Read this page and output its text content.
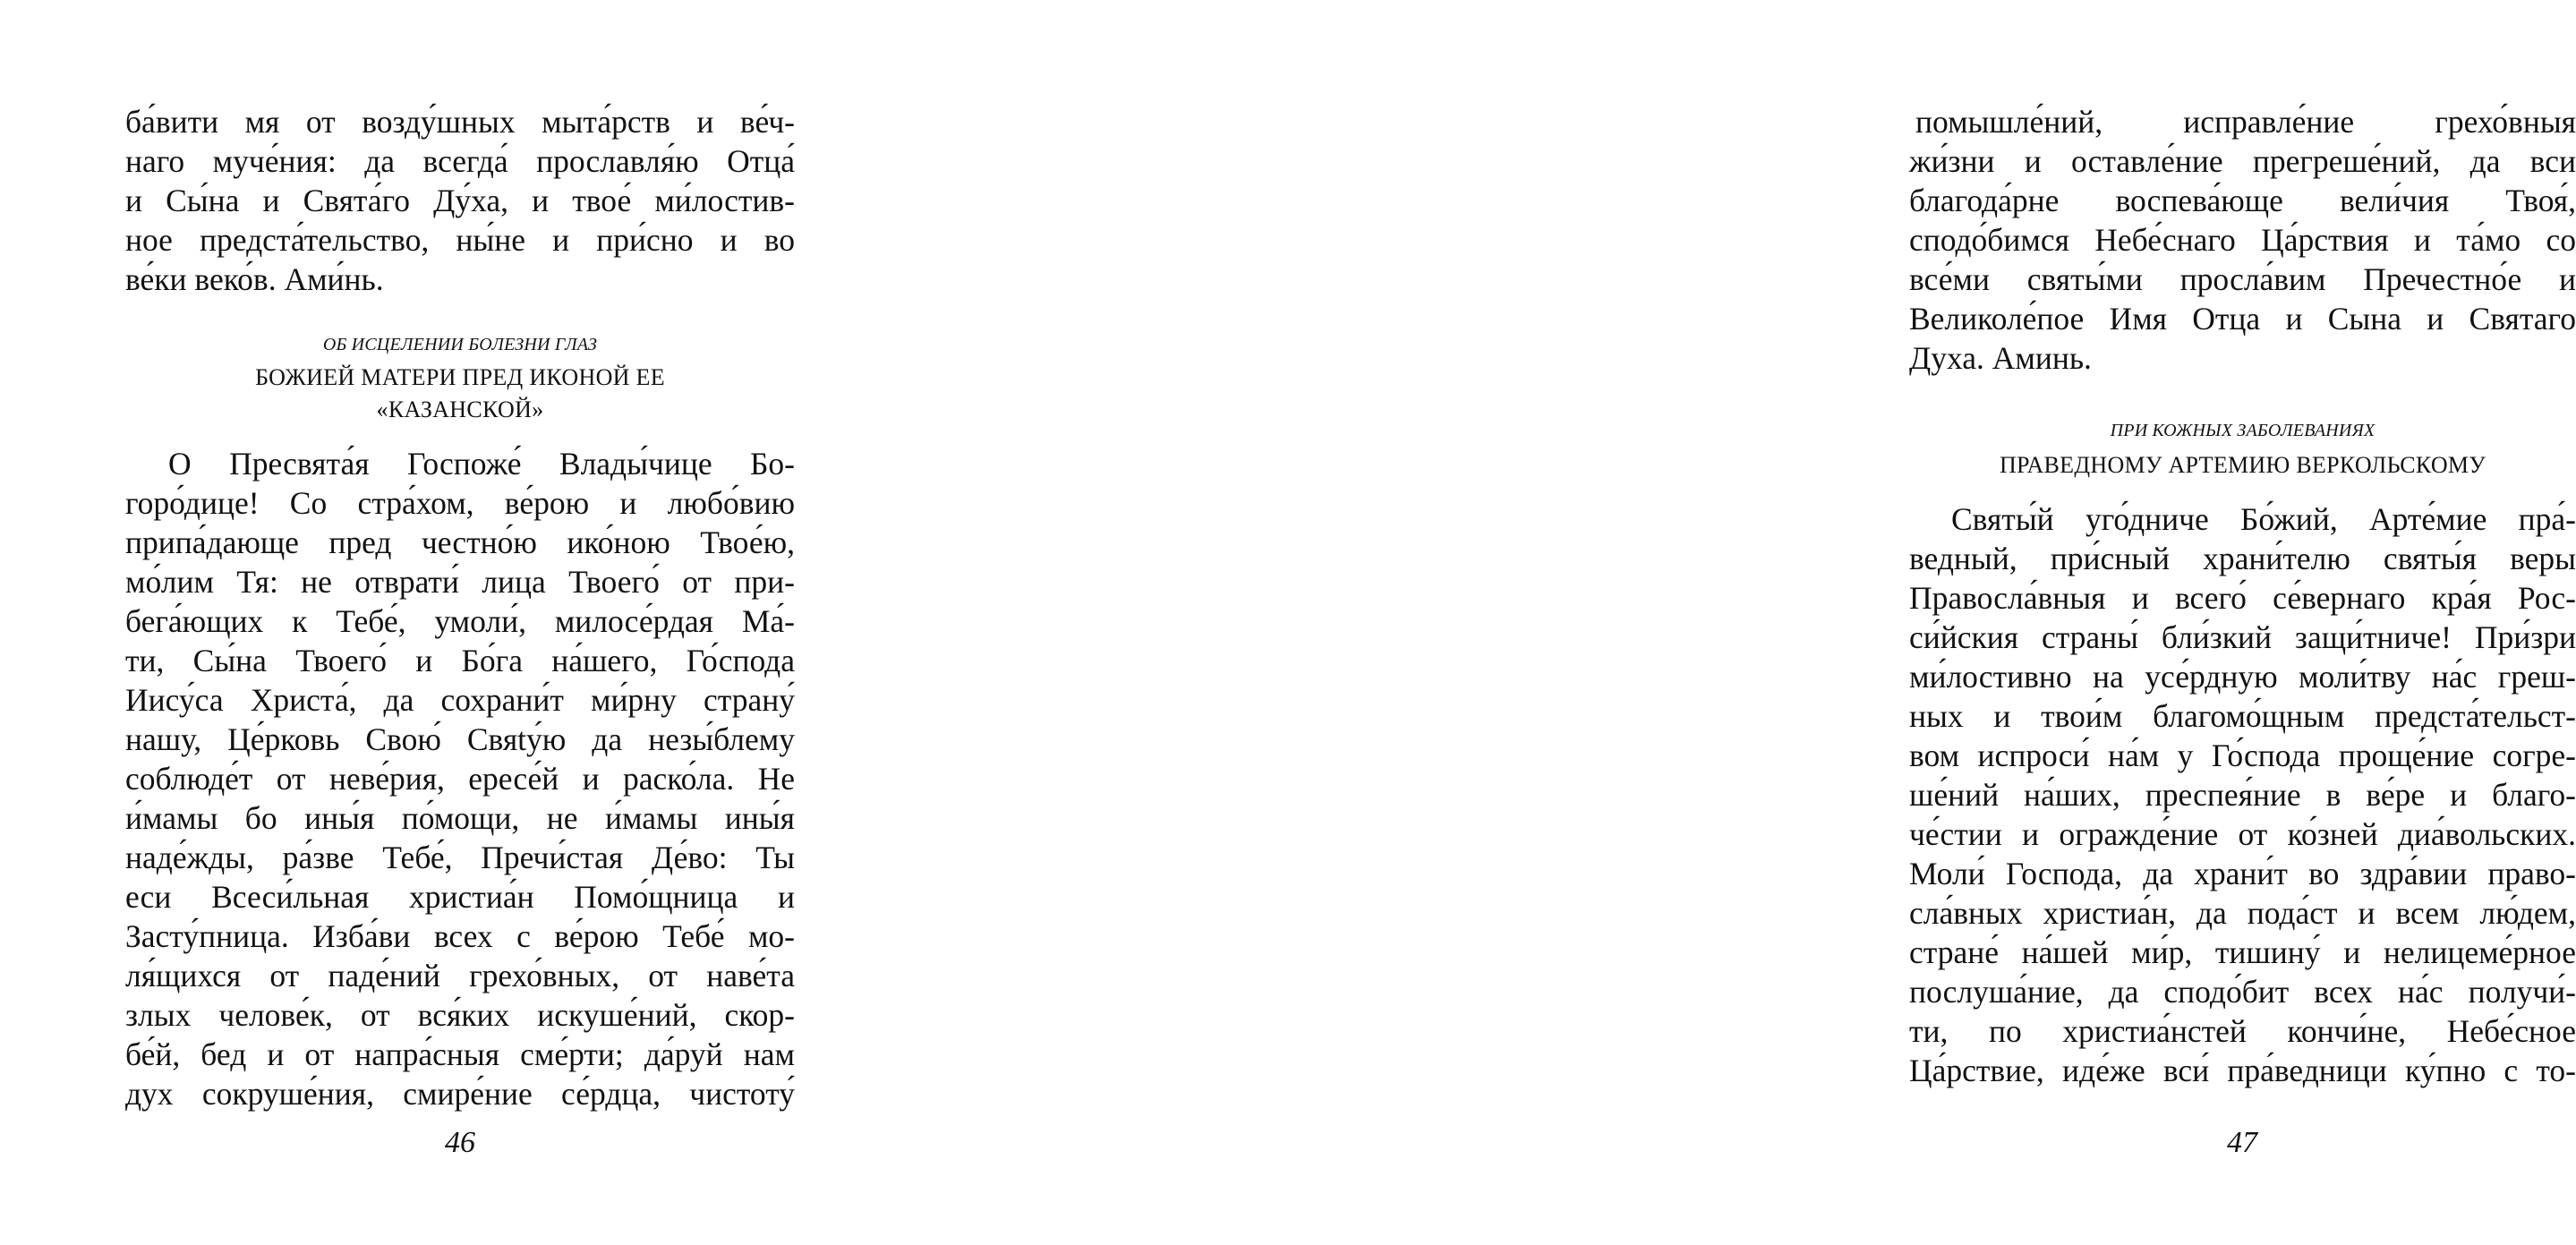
ба́вити мя от возду́шных мыта́рств и ве́ч-
наго муче́ния: да всегда́ прославля́ю Отца́
и Сы́на и Свята́го Ду́ха, и твое́ ми́лостив-
ное предста́тельство, ны́не и при́сно и во
ве́ки веко́в. Ами́нь.
ОБ ИСЦЕЛЕНИИ БОЛЕЗНИ ГЛАЗ
БОЖИЕЙ МАТЕРИ ПРЕД ИКОНОЙ ЕЕ
«КАЗАНСКОЙ»
О Пресвята́я Госпоже́ Влады́чице Бо-
горо́дице! Со стра́хом, ве́рою и любо́вию
припа́дающе пред честно́ю ико́ною Твое́ю,
мо́лим Тя: не отврати́ лица Твоего́ от при-
бега́ющих к Тебе́, умоли́, милосе́рдая Ма́-
ти, Сы́на Твоего́ и Бо́га на́шего, Го́спода
Иису́са Христа́, да сохрани́т ми́рну страну́
нашу, Це́рковь Свою́ Свяtу́ю да незы́блему
соблюде́т от неве́рия, ересе́й и раско́ла. Не
и́мамы бо ины́я по́мощи, не и́мамы ины́я
наде́жды, ра́зве Тебе́, Пречи́стая Де́во: Ты
еси Всеси́льная христиа́н Помо́щница и
Засту́пница. Изба́ви всех с ве́рою Тебе́ мо-
ля́щихся от паде́ний грехо́вных, от наве́та
злых челове́к, от вся́ких искуше́ний, скор-
бе́й, бед и от напра́сныя сме́рти; да́руй нам
дух сокруше́ния, смире́ние се́рдца, чистоту́
46
помышле́ний, исправле́ние грехо́вныя
жи́зни и оставле́ние прегреше́ний, да вси
благода́рне воспева́юще вели́чия Твоя́,
сподо́бимся Небе́снаго Ца́рствия и та́мо со
все́ми святы́ми просла́вим Пречестно́е и
Великоле́пое Имя Отца и Сына и Святаго
Духа. Аминь.
ПРИ КОЖНЫХ ЗАБОЛЕВАНИЯХ
ПРАВЕДНОМУ АРТЕМИЮ ВЕРКОЛЬСКОМУ
Святы́й уго́дниче Бо́жий, Арте́мие пра́-
ведный, при́сный храни́телю святы́я веры
Правосла́вныя и всего́ се́вернаго кра́я Рос-
си́йския страны́ бли́зкий защи́тниче! При́зри
ми́лостивно на усе́рдную моли́тву на́с греш-
ных и твои́м благомо́щным предста́тельст-
вом испроси́ на́м у Го́спода проще́ние согре-
ше́ний на́ших, преспея́ние в ве́ре и благо-
че́стии и огражде́ние от ко́зней диа́вольских.
Моли́ Господа, да храни́т во здра́вии право-
сла́вных христиа́н, да пода́ст и всем лю́дем,
стране́ на́шей ми́р, тишину́ и нелицеме́рное
послуша́ние, да сподо́бит всех на́с получи́-
ти, по христиа́нстей кончи́не, Небе́сное
Ца́рствие, иде́же вси́ пра́ведници ку́пно с то-
47
